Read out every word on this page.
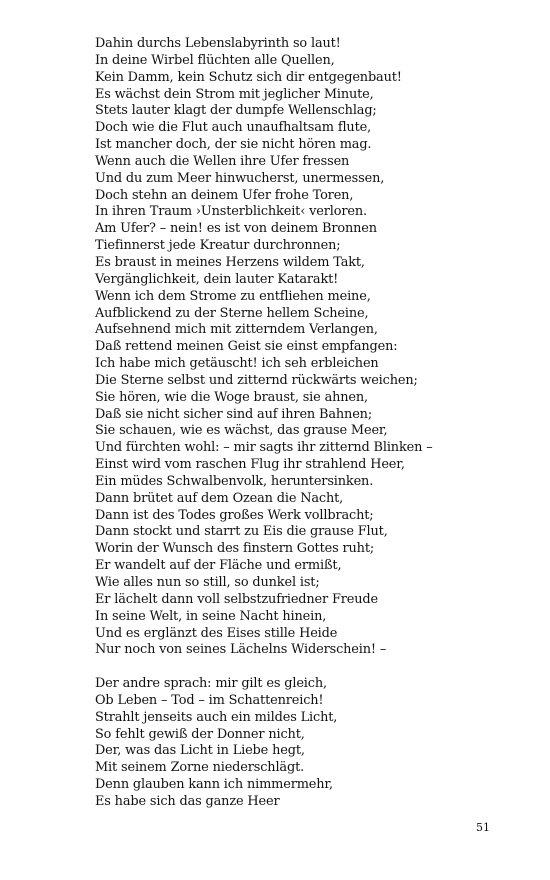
Dahin durchs Lebenslabyrinth so laut!
In deine Wirbel flüchten alle Quellen,
Kein Damm, kein Schutz sich dir entgegenbaut!
Es wächst dein Strom mit jeglicher Minute,
Stets lauter klagt der dumpfe Wellenschlag;
Doch wie die Flut auch unaufhaltsam flute,
Ist mancher doch, der sie nicht hören mag.
Wenn auch die Wellen ihre Ufer fressen
Und du zum Meer hinwucherst, unermessen,
Doch stehn an deinem Ufer frohe Toren,
In ihren Traum ›Unsterblichkeit‹ verloren.
Am Ufer? – nein! es ist von deinem Bronnen
Tiefinnerst jede Kreatur durchronnen;
Es braust in meines Herzens wildem Takt,
Vergänglichkeit, dein lauter Katarakt!
Wenn ich dem Strome zu entfliehen meine,
Aufblickend zu der Sterne hellem Scheine,
Aufsehnend mich mit zitterndem Verlangen,
Daß rettend meinen Geist sie einst empfangen:
Ich habe mich getäuscht! ich seh erbleichen
Die Sterne selbst und zitternd rückwärts weichen;
Sie hören, wie die Woge braust, sie ahnen,
Daß sie nicht sicher sind auf ihren Bahnen;
Sie schauen, wie es wächst, das grause Meer,
Und fürchten wohl: – mir sagts ihr zitternd Blinken –
Einst wird vom raschen Flug ihr strahlend Heer,
Ein müdes Schwalbenvolk, heruntersinken.
Dann brütet auf dem Ozean die Nacht,
Dann ist des Todes großes Werk vollbracht;
Dann stockt und starrt zu Eis die grause Flut,
Worin der Wunsch des finstern Gottes ruht;
Er wandelt auf der Fläche und ermißt,
Wie alles nun so still, so dunkel ist;
Er lächelt dann voll selbstzufriedner Freude
In seine Welt, in seine Nacht hinein,
Und es erglänzt des Eises stille Heide
Nur noch von seines Lächelns Widerschein! –
Der andre sprach: mir gilt es gleich,
Ob Leben – Tod – im Schattenreich!
Strahlt jenseits auch ein mildes Licht,
So fehlt gewiß der Donner nicht,
Der, was das Licht in Liebe hegt,
Mit seinem Zorne niederschlägt.
Denn glauben kann ich nimmermehr,
Es habe sich das ganze Heer
51
